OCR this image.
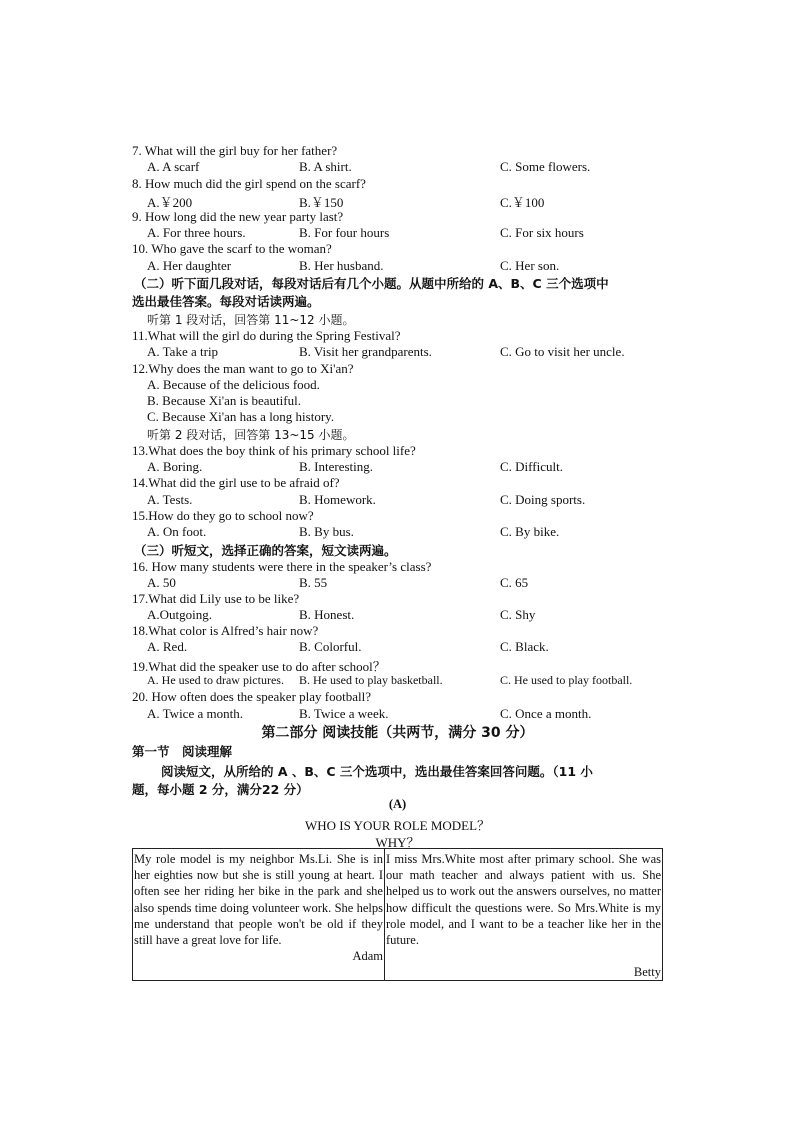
7. What will the girl buy for her father?
A. A scarf	B. A shirt.	C. Some flowers.
8. How much did the girl spend on the scarf?
A.￥200	B.￥150	C.￥100
9. How long did the new year party last?
A. For three hours.	B. For four hours	C. For six hours
10. Who gave the scarf to the woman?
A. Her daughter	B. Her husband.	C. Her son.
（二）听下面几段对话，每段对话后有几个小题。从题中所给的 A、B、C 三个选项中
选出最佳答案。每段对话读两遍。
听第 1 段对话，回答第 11~12 小题。
11.What will the girl do during the Spring Festival?
A. Take a trip	B. Visit her grandparents.	C. Go to visit her uncle.
12.Why does the man want to go to Xi'an?
A. Because of the delicious food.
B. Because Xi'an is beautiful.
C. Because Xi'an has a long history.
听第 2 段对话，回答第 13~15 小题。
13.What does the boy think of his primary school life?
A. Boring.	B. Interesting.	C. Difficult.
14.What did the girl use to be afraid of?
A. Tests.	B. Homework.	C. Doing sports.
15.How do they go to school now?
A. On foot.	B. By bus.	C. By bike.
（三）听短文，选择正确的答案，短文读两遍。
16. How many students were there in the speaker’s class?
A. 50	B. 55	C. 65
17.What did Lily use to be like?
A.Outgoing.	B. Honest.	C. Shy
18.What color is Alfred’s hair now?
A. Red.	B. Colorful.	C. Black.
19.What did the speaker use to do after school？
A. He used to draw pictures. B. He used to play basketball.	C. He used to play football.
20. How often does the speaker play football?
A. Twice a month.	B. Twice a week.	C. Once a month.
第二部分 阅读技能（共两节，满分 30 分）
第一节　阅读理解
阅读短文，从所给的 A 、B、C 三个选项中，选出最佳答案回答问题。（11 小
题，每小题 2 分，满分22 分）
(A)
WHO IS YOUR ROLE MODEL？
WHY？
My role model is my neighbor Ms.Li. She is in her eighties now but she is still young at heart. I often see her riding her bike in the park and she also spends time doing volunteer work. She helps me understand that people won't be old if they still have a great love for life.
Adam
	I miss Mrs.White most after primary school. She was our math teacher and always patient with us. She helped us to work out the answers ourselves, no matter how difficult the questions were. So Mrs.White is my role model, and I want to be a teacher like her in the future.
Betty
